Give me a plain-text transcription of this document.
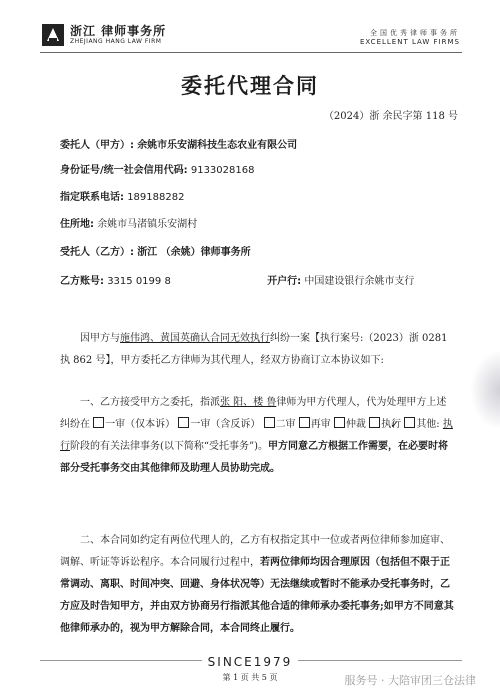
浙江 律师事务所
ZHEJIANG HANG LAW FIRM
全国优秀律师事务所
EXCELLENT LAW FIRMS
委托代理合同
（2024）浙 余民字第 118 号
委托人（甲方）: 余姚市乐安湖科技生态农业有限公司
身份证号/统一社会信用代码: 9133028168
指定联系电话: 189188282
住所地: 余姚市马渚镇乐安湖村
受托人（乙方）: 浙江 （余姚）律师事务所
乙方账号: 3315 0199 8	开户行: 中国建设银行余姚市支行
因甲方与施伟鸿、黄国英确认合同无效执行纠纷一案【执行案号:（2023）浙 0281 执 862 号】，甲方委托乙方律师为其代理人，经双方协商订立本协议如下:
一、乙方接受甲方之委托，指派张 阳、楼 鲁律师为甲方代理人，代为处理甲方上述纠纷在 一审（仅本诉） 一审（含反诉） 二审 再审 仲裁 ✓ 执行 其他: 执行阶段的有关法律事务(以下简称“受托事务”)。甲方同意乙方根据工作需要，在必要时将部分受托事务交由其他律师及助理人员协助完成。
二、本合同如约定有两位代理人的，乙方有权指定其中一位或者两位律师参加庭审、调解、听证等诉讼程序。本合同履行过程中，若两位律师均因合理原因（包括但不限于正常调动、离职、时间冲突、回避、身体状况等）无法继续或暂时不能承办受托事务时，乙方应及时告知甲方，并由双方协商另行指派其他合适的律师承办委托事务;如甲方不同意其他律师承办的，视为甲方解除合同，本合同终止履行。
SINCE1979
第 1 页 共 5 页	服务号 · 大陪审团三仓法律
